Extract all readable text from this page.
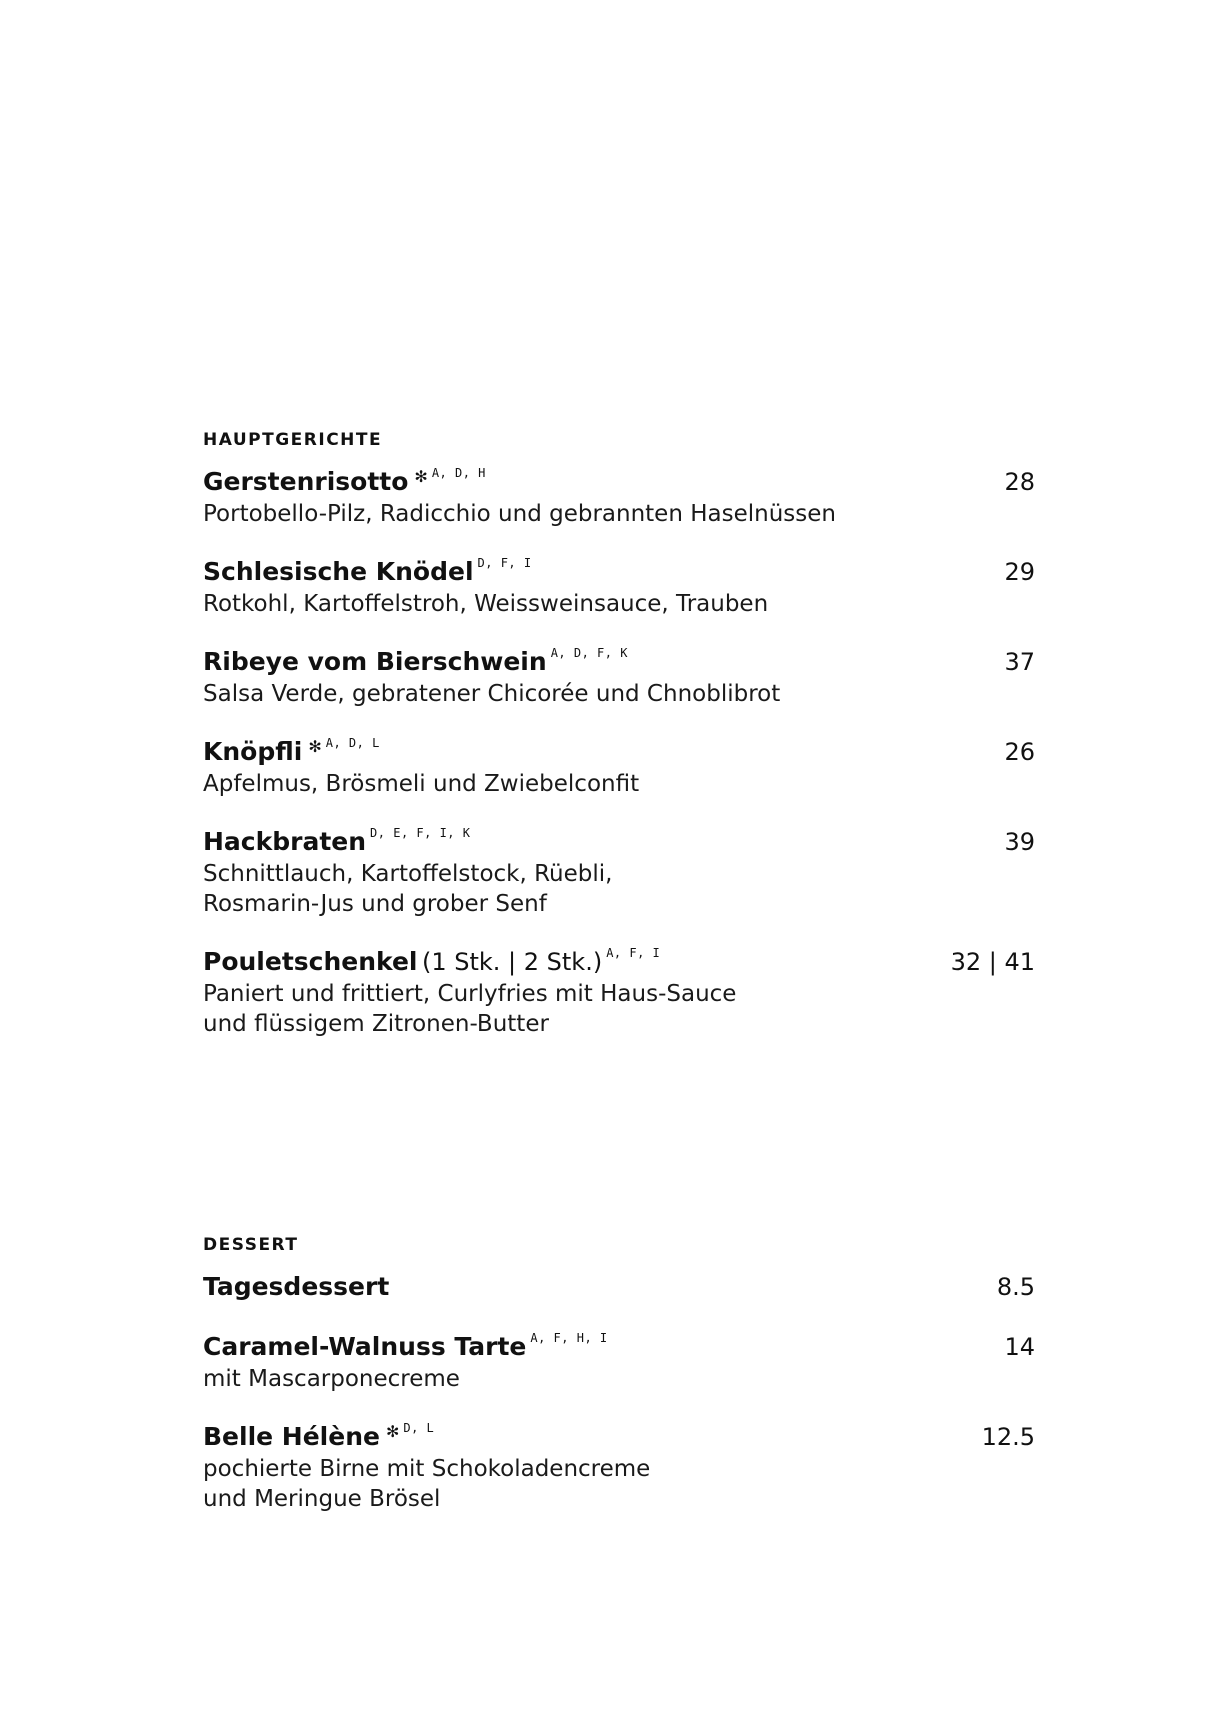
HAUPTGERICHTE
Gerstenrisotto ✻ $^{A, D, H}$	28
Portobello-Pilz, Radicchio und gebrannten Haselnüssen
Schlesische Knödel $^{D, F, I}$	29
Rotkohl, Kartoffelstroh, Weissweinsauce, Trauben
Ribeye vom Bierschwein $^{A, D, F, K}$	37
Salsa Verde, gebratener Chicorée und Chnoblibrot
Knöpfli ✻ $^{A, D, L}$	26
Apfelmus, Brösmeli und Zwiebelconfit
Hackbraten $^{D, E, F, I, K}$	39
Schnittlauch, Kartoffelstock, Rüebli,
Rosmarin-Jus und grober Senf
Pouletschenkel (1 Stk. | 2 Stk.) $^{A, F, I}$	32 | 41
Paniert und frittiert, Curlyfries mit Haus-Sauce
und flüssigem Zitronen-Butter
DESSERT
Tagesdessert	8.5
Caramel-Walnuss Tarte $^{A, F, H, I}$	14
mit Mascarponecreme
Belle Hélène ✻ $^{D, L}$	12.5
pochierte Birne mit Schokoladencreme
und Meringue Brösel
